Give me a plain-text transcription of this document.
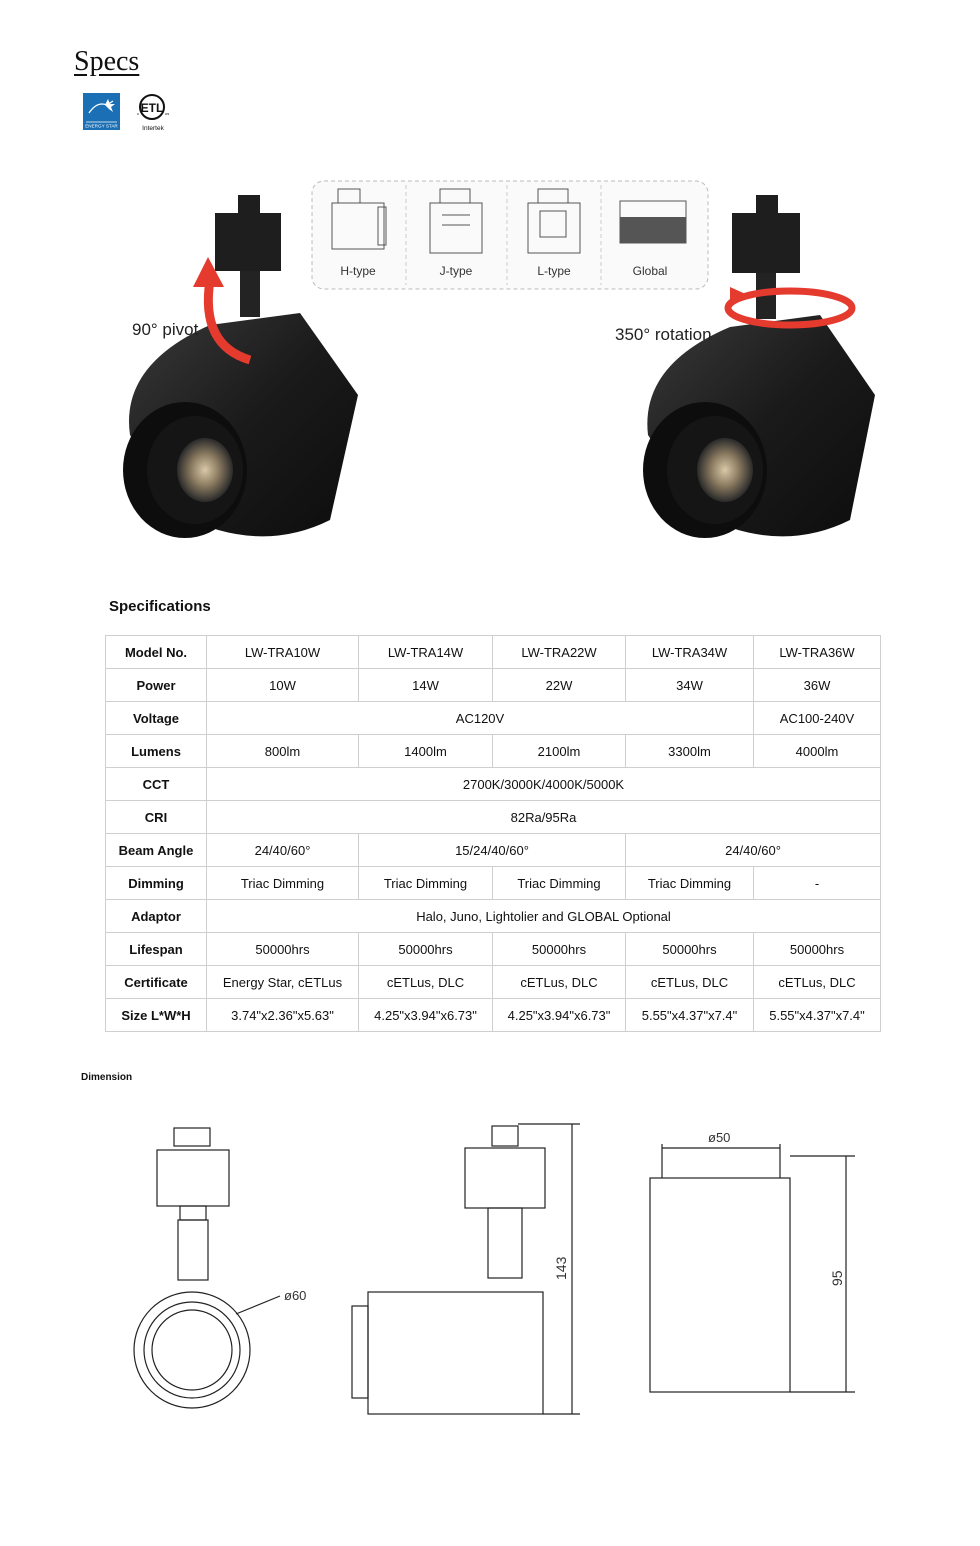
Specs
ENERGY STAR
ETL
c	us
Intertek
H-type	J-type	L-type	Global
90° pivot	350° rotation
Specifications
Model No.	LW-TRA10W	LW-TRA14W	LW-TRA22W	LW-TRA34W	LW-TRA36W
Power	10W	14W	22W	34W	36W
Voltage	AC120V				AC100-240V
Lumens	800lm	1400lm	2100lm	3300lm	4000lm
CCT	2700K/3000K/4000K/5000K				
CRI	82Ra/95Ra				
Beam Angle	24/40/60°	15/24/40/60°		24/40/60°	
Dimming	Triac Dimming	Triac Dimming	Triac Dimming	Triac Dimming	-
Adaptor	Halo, Juno, Lightolier and GLOBAL Optional				
Lifespan	50000hrs	50000hrs	50000hrs	50000hrs	50000hrs
Certificate	Energy Star, cETLus	cETLus, DLC	cETLus, DLC	cETLus, DLC	cETLus, DLC
Size L*W*H	3.74"x2.36"x5.63"	4.25"x3.94"x6.73"	4.25"x3.94"x6.73"	5.55"x4.37"x7.4"	5.55"x4.37"x7.4"
Dimension
ø60
143
ø50
95
